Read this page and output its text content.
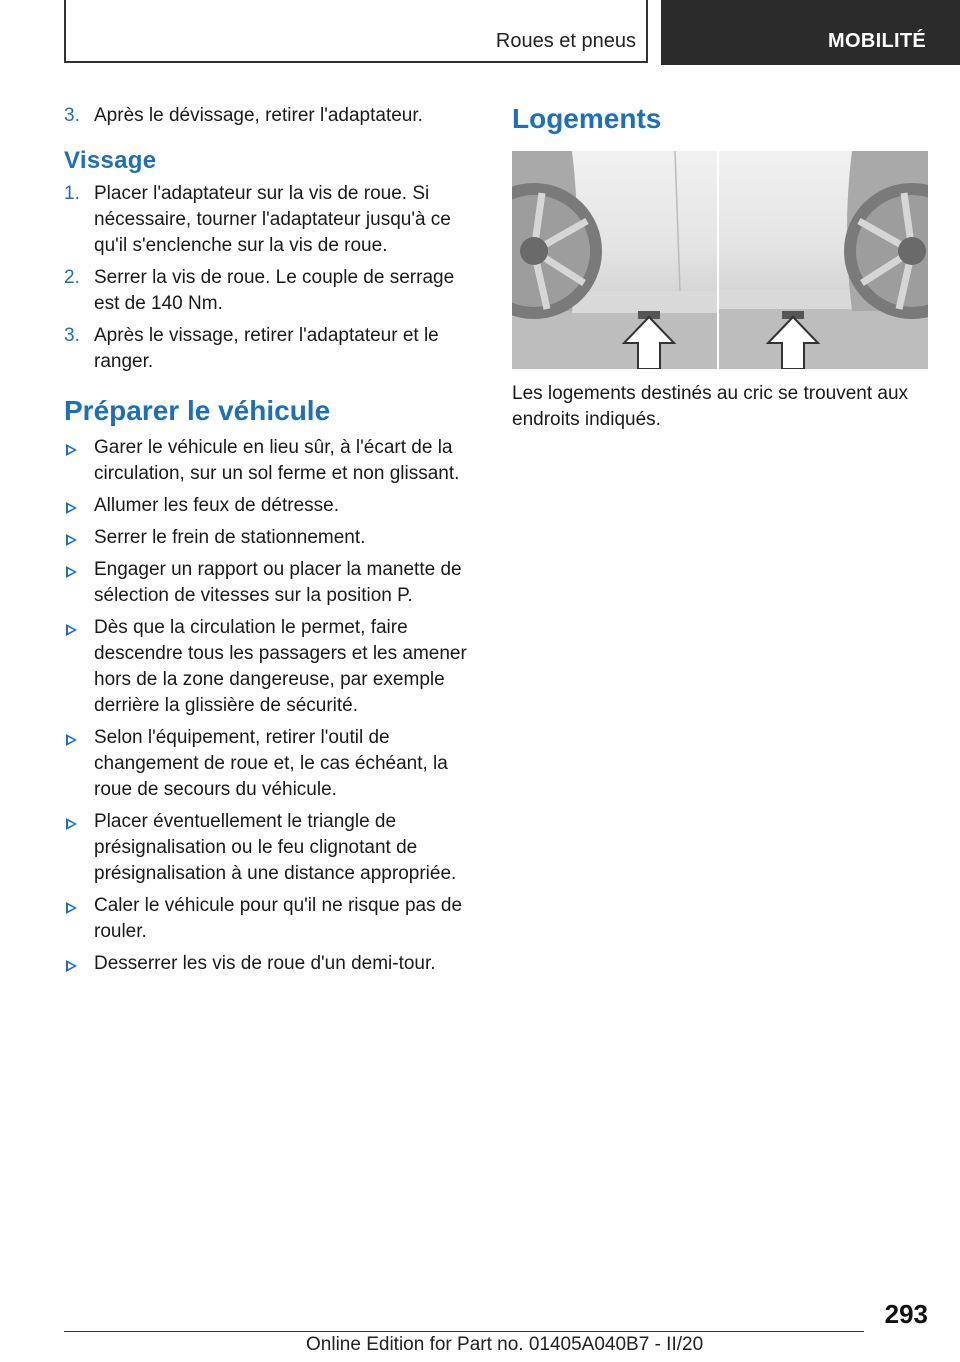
Roues et pneus	MOBILITÉ
3. Après le dévissage, retirer l'adaptateur.
Vissage
1. Placer l'adaptateur sur la vis de roue. Si nécessaire, tourner l'adaptateur jusqu'à ce qu'il s'enclenche sur la vis de roue.
2. Serrer la vis de roue. Le couple de serrage est de 140 Nm.
3. Après le vissage, retirer l'adaptateur et le ranger.
Préparer le véhicule
Garer le véhicule en lieu sûr, à l'écart de la circulation, sur un sol ferme et non glissant.
Allumer les feux de détresse.
Serrer le frein de stationnement.
Engager un rapport ou placer la manette de sélection de vitesses sur la position P.
Dès que la circulation le permet, faire descendre tous les passagers et les amener hors de la zone dangereuse, par exemple derrière la glissière de sécurité.
Selon l'équipement, retirer l'outil de changement de roue et, le cas échéant, la roue de secours du véhicule.
Placer éventuellement le triangle de présignalisation ou le feu clignotant de présignalisation à une distance appropriée.
Caler le véhicule pour qu'il ne risque pas de rouler.
Desserrer les vis de roue d'un demi-tour.
Logements
Les logements destinés au cric se trouvent aux endroits indiqués.
293
Online Edition for Part no. 01405A040B7 - II/20
